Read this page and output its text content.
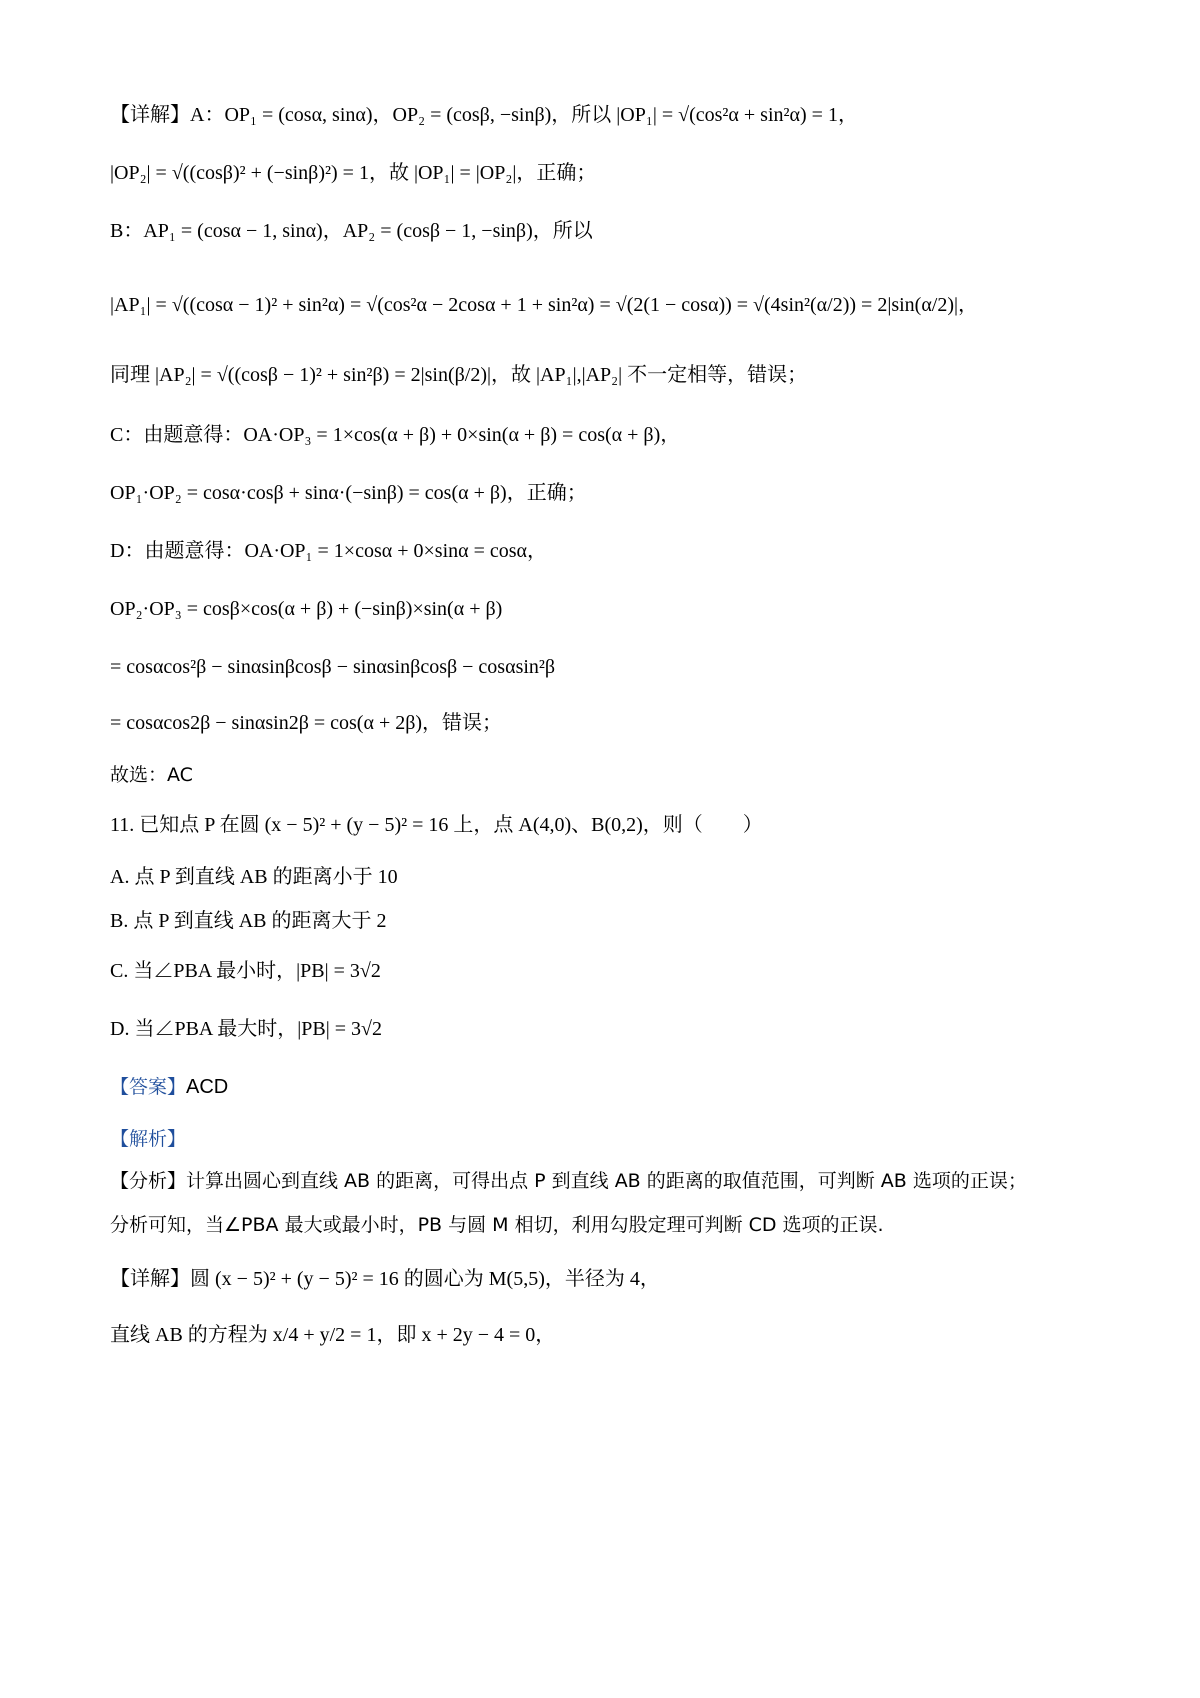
【详解】A：OP₁ = (cosα, sinα)，OP₂ = (cosβ, −sinβ)，所以 |OP₁| = √(cos²α + sin²α) = 1，
|OP₂| = √((cosβ)² + (−sinβ)²) = 1，故 |OP₁| = |OP₂|，正确；
B：AP₁ = (cosα − 1, sinα)，AP₂ = (cosβ − 1, −sinβ)，所以
|AP₁| = √((cosα − 1)² + sin²α) = √(cos²α − 2cosα + 1 + sin²α) = √(2(1 − cosα)) = √(4sin²(α/2)) = 2|sin(α/2)|，
同理 |AP₂| = √((cosβ − 1)² + sin²β) = 2|sin(β/2)|，故 |AP₁|,|AP₂| 不一定相等，错误；
C：由题意得：OA·OP₃ = 1×cos(α + β) + 0×sin(α + β) = cos(α + β)，
OP₁·OP₂ = cosα·cosβ + sinα·(−sinβ) = cos(α + β)，正确；
D：由题意得：OA·OP₁ = 1×cosα + 0×sinα = cosα，
OP₂·OP₃ = cosβ×cos(α + β) + (−sinβ)×sin(α + β)
= cosαcos²β − sinαsinβcosβ − sinαsinβcosβ − cosαsin²β
= cosαcos2β − sinαsin2β = cos(α + 2β)，错误；
故选：AC
11. 已知点 P 在圆 (x − 5)² + (y − 5)² = 16 上，点 A(4,0)、B(0,2)，则（　　）
A. 点 P 到直线 AB 的距离小于 10
B. 点 P 到直线 AB 的距离大于 2
C. 当∠PBA 最小时，|PB| = 3√2
D. 当∠PBA 最大时，|PB| = 3√2
【答案】ACD
【解析】
【分析】计算出圆心到直线 AB 的距离，可得出点 P 到直线 AB 的距离的取值范围，可判断 AB 选项的正误；
分析可知，当∠PBA 最大或最小时，PB 与圆 M 相切，利用勾股定理可判断 CD 选项的正误.
【详解】圆 (x − 5)² + (y − 5)² = 16 的圆心为 M(5,5)，半径为 4，
直线 AB 的方程为 x/4 + y/2 = 1，即 x + 2y − 4 = 0，
